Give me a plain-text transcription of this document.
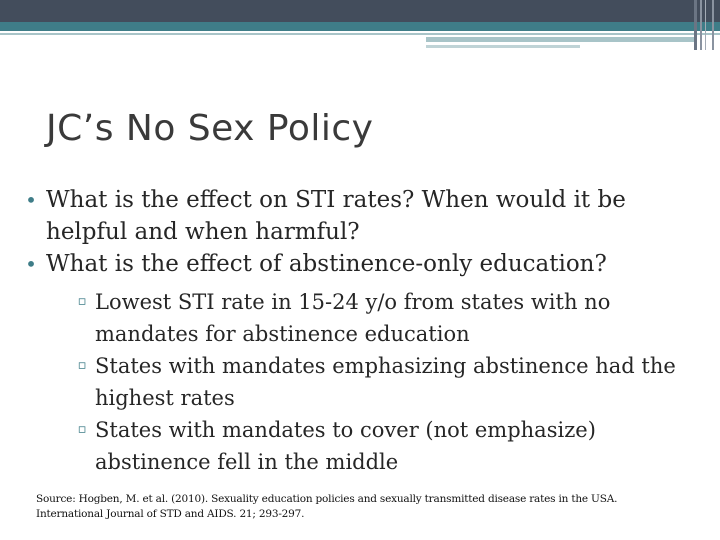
JC’s No Sex Policy
• What is the effect on STI rates? When would it be helpful and when harmful?
• What is the effect of abstinence-only education?
▫ Lowest STI rate in 15-24 y/o from states with no mandates for abstinence education
▫ States with mandates emphasizing abstinence had the highest rates
▫ States with mandates to cover (not emphasize) abstinence fell in the middle
Source: Hogben, M. et al. (2010). Sexuality education policies and sexually transmitted disease rates in the USA.
International Journal of STD and AIDS. 21; 293-297.
